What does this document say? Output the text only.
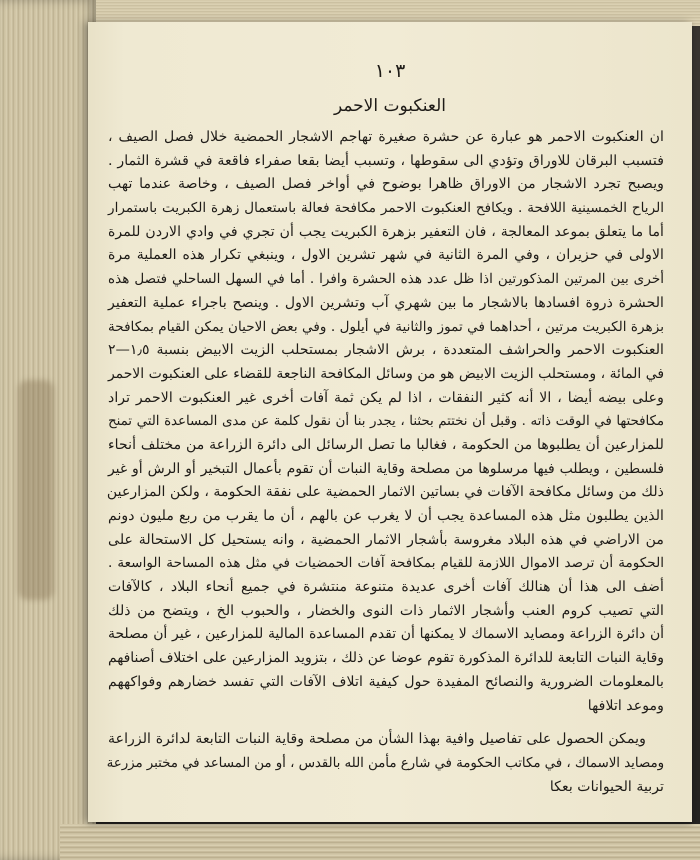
١٠٣
العنكبوت الاحمر
ان العنكبوت الاحمر هو عبارة عن حشرة صغيرة تهاجم الاشجار الحمضية خلال فصل الصيف ،
فتسبب البرقان للاوراق وتؤدي الى سقوطها ، وتسبب أيضا بقعا صفراء فاقعة في قشرة الثمار .
ويصبح تجرد الاشجار من الاوراق ظاهرا بوضوح في أواخر فصل الصيف ، وخاصة عندما تهب
الرياح الخمسينية اللافحة . ويكافح العنكبوت الاحمر مكافحة فعالة باستعمال زهرة الكبريت باستمرار
أما ما يتعلق بموعد المعالجة ، فان التعفير بزهرة الكبريت يجب أن تجري في وادي الاردن للمرة
الاولى في حزيران ، وفي المرة الثانية في شهر تشرين الاول ، وينبغي تكرار هذه العملية مرة
أخرى بين المرتين المذكورتين اذا ظل عدد هذه الحشرة وافرا . أما في السهل الساحلي فتصل هذه
الحشرة ذروة افسادها بالاشجار ما بين شهري آب وتشرين الاول . وينصح باجراء عملية التعفير
بزهرة الكبريت مرتين ، أحداهما في تموز والثانية في أيلول . وفي بعض الاحيان يمكن القيام بمكافحة
العنكبوت الاحمر والحراشف المتعددة ، برش الاشجار بمستحلب الزيت الابيض بنسبة ١٫٥—٢
في المائة ، ومستحلب الزيت الابيض هو من وسائل المكافحة الناجعة للقضاء على العنكبوت الاحمر
وعلى بيضه أيضا ، الا أنه كثير النفقات ، اذا لم يكن ثمة آفات أخرى غير العنكبوت الاحمر تراد
مكافحتها في الوقت ذاته . وقبل أن نختتم بحثنا ، يجدر بنا أن نقول كلمة عن مدى المساعدة التي تمنح
للمزارعين أن يطلبوها من الحكومة ، فغالبا ما تصل الرسائل الى دائرة الزراعة من مختلف أنحاء
فلسطين ، ويطلب فيها مرسلوها من مصلحة وقاية النبات أن تقوم بأعمال التبخير أو الرش أو غير
ذلك من وسائل مكافحة الآفات في بساتين الاثمار الحمضية على نفقة الحكومة ، ولكن المزارعين
الذين يطلبون مثل هذه المساعدة يجب أن لا يغرب عن بالهم ، أن ما يقرب من ربع مليون دونم
من الاراضي في هذه البلاد مغروسة بأشجار الاثمار الحمضية ، وانه يستحيل كل الاستحالة على
الحكومة أن ترصد الاموال اللازمة للقيام بمكافحة آفات الحمضيات في مثل هذه المساحة الواسعة .
أضف الى هذا أن هنالك آفات أخرى عديدة متنوعة منتشرة في جميع أنحاء البلاد ، كالآفات
التي تصيب كروم العنب وأشجار الاثمار ذات النوى والخضار ، والحبوب الخ ، ويتضح من ذلك
أن دائرة الزراعة ومصايد الاسماك لا يمكنها أن تقدم المساعدة المالية للمزارعين ، غير أن مصلحة
وقاية النبات التابعة للدائرة المذكورة تقوم عوضا عن ذلك ، بتزويد المزارعين على اختلاف أصنافهم
بالمعلومات الضرورية والنصائح المفيدة حول كيفية اتلاف الآفات التي تفسد خضارهم وفواكههم
وموعد اتلافها
ويمكن الحصول على تفاصيل وافية بهذا الشأن من مصلحة وقاية النبات التابعة لدائرة الزراعة
ومصايد الاسماك ، في مكاتب الحكومة في شارع مأمن الله بالقدس ، أو من المساعد في مختبر مزرعة
تربية الحيوانات بعكا
